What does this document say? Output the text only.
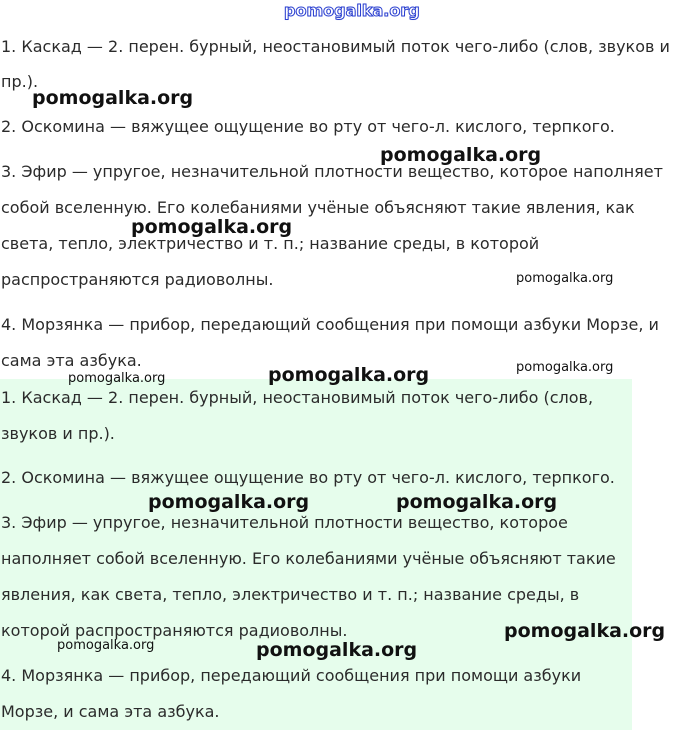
pomogalka.org
1. Каскад — 2. перен. бурный, неостановимый поток чего-либо (слов, звуков и
пр.).
2. Оскомина — вяжущее ощущение во рту от чего-л. кислого, терпкого.
3. Эфир — упругое, незначительной плотности вещество, которое наполняет
собой вселенную. Его колебаниями учёные объясняют такие явления, как
света, тепло, электричество и т. п.; название среды, в которой
распространяются радиоволны.
4. Морзянка — прибор, передающий сообщения при помощи азбуки Морзе, и
сама эта азбука.
1. Каскад — 2. перен. бурный, неостановимый поток чего-либо (слов,
звуков и пр.).
2. Оскомина — вяжущее ощущение во рту от чего-л. кислого, терпкого.
3. Эфир — упругое, незначительной плотности вещество, которое
наполняет собой вселенную. Его колебаниями учёные объясняют такие
явления, как света, тепло, электричество и т. п.; название среды, в
которой распространяются радиоволны.
4. Морзянка — прибор, передающий сообщения при помощи азбуки
Морзе, и сама эта азбука.
pomogalka.org
pomogalka.org
pomogalka.org
pomogalka.org
pomogalka.org
pomogalka.org	pomogalka.org
pomogalka.org	pomogalka.org
pomogalka.org
pomogalka.org	pomogalka.org
